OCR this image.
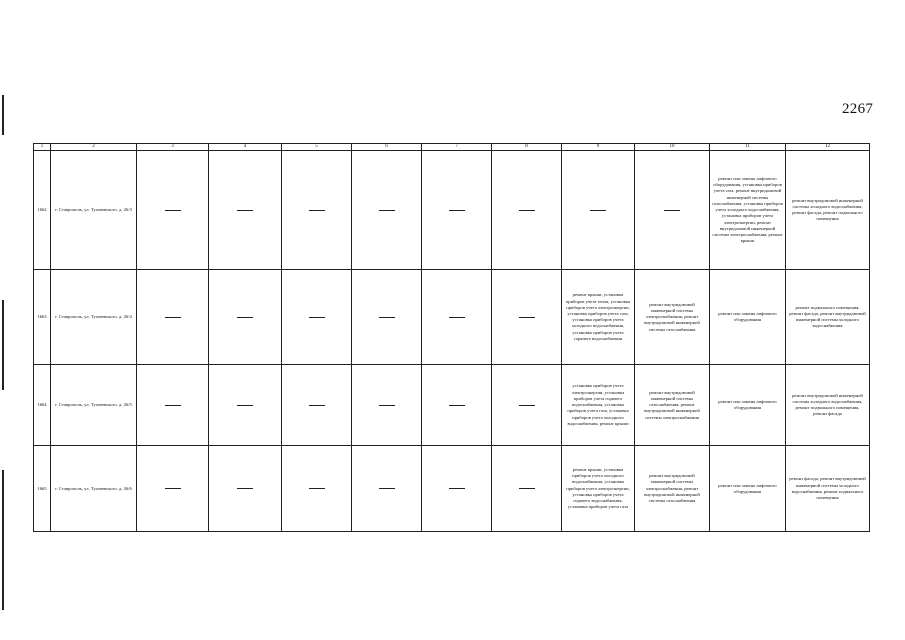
2267
1	2	3	4	5	6	7	8	9	10	11	12
1662	г. Ставрополь, ул. Тухачевского, д. 26/3									ремонт или замена лифтового оборудования, установка приборов учета газа, ремонт внутридомовой инженерной системы газоснабжения, установка приборов учета холодного водоснабжения, установка приборов учета электроэнергии, ремонт внутридомовой инженерной системы электроснабжения, ремонт крыши	ремонт внутридомовой инженерной системы холодного водоснабжения, ремонт фасада, ремонт подвального помещения
1663	г. Ставрополь, ул. Тухачевского, д. 26/4							ремонт крыши, установка приборов учета тепла, установка приборов учета электроэнергии, установка приборов учета газа, установка приборов учета холодного водоснабжения, установка приборов учета горячего водоснабжения	ремонт внутридомовой инженерной системы электроснабжения, ремонт внутридомовой инженерной системы газоснабжения	ремонт или замена лифтового оборудования	ремонт подвального помещения, ремонт фасада, ремонт внутридомовой инженерной системы холодного водоснабжения
1664	г. Ставрополь, ул. Тухачевского, д. 26/5							установка приборов учета электроэнергии, установка приборов учета горячего водоснабжения, установка приборов учета газа, установка приборов учета холодного водоснабжения, ремонт крыши	ремонт внутридомовой инженерной системы газоснабжения, ремонт внутридомовой инженерной системы электроснабжения	ремонт или замена лифтового оборудования	ремонт внутридомовой инженерной системы холодного водоснабжения, ремонт подвального помещения, ремонт фасада
1665	г. Ставрополь, ул. Тухачевского, д. 26/6							ремонт крыши, установка приборов учета холодного водоснабжения, установка приборов учета электроэнергии, установка приборов учета горячего водоснабжения, установка приборов учета газа	ремонт внутридомовой инженерной системы электроснабжения, ремонт внутридомовой инженерной системы газоснабжения	ремонт или замена лифтового оборудования	ремонт фасада, ремонт внутридомовой инженерной системы холодного водоснабжения, ремонт подвального помещения
